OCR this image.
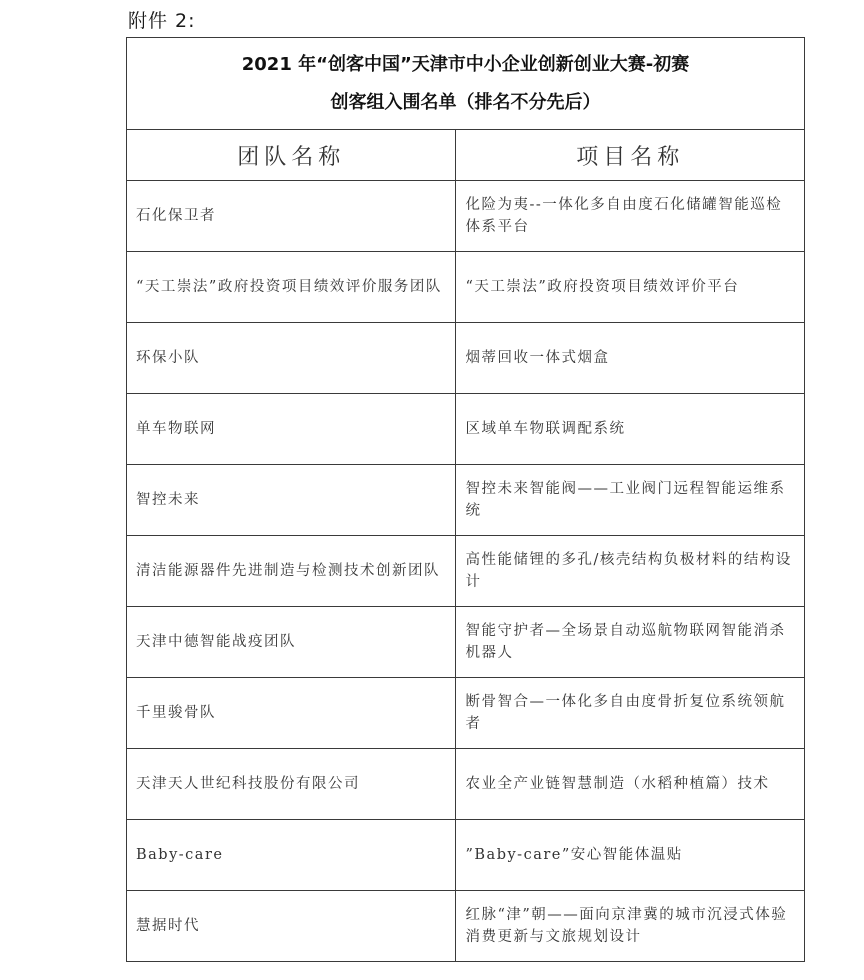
附件 2:
2021 年“创客中国”天津市中小企业创新创业大赛-初赛
创客组入围名单（排名不分先后）	

团队名称	项目名称
石化保卫者	化险为夷--一体化多自由度石化储罐智能巡检体系平台
“天工崇法”政府投资项目绩效评价服务团队	“天工崇法”政府投资项目绩效评价平台
环保小队	烟蒂回收一体式烟盒
单车物联网	区域单车物联调配系统
智控未来	智控未来智能阀——工业阀门远程智能运维系统
清洁能源器件先进制造与检测技术创新团队	高性能储锂的多孔/核壳结构负极材料的结构设计
天津中德智能战疫团队	智能守护者—全场景自动巡航物联网智能消杀机器人
千里骏骨队	断骨智合—一体化多自由度骨折复位系统领航者
天津天人世纪科技股份有限公司	农业全产业链智慧制造（水稻种植篇）技术
Baby-care	”Baby-care”安心智能体温贴
慧据时代	红脉“津”朝——面向京津冀的城市沉浸式体验消费更新与文旅规划设计
